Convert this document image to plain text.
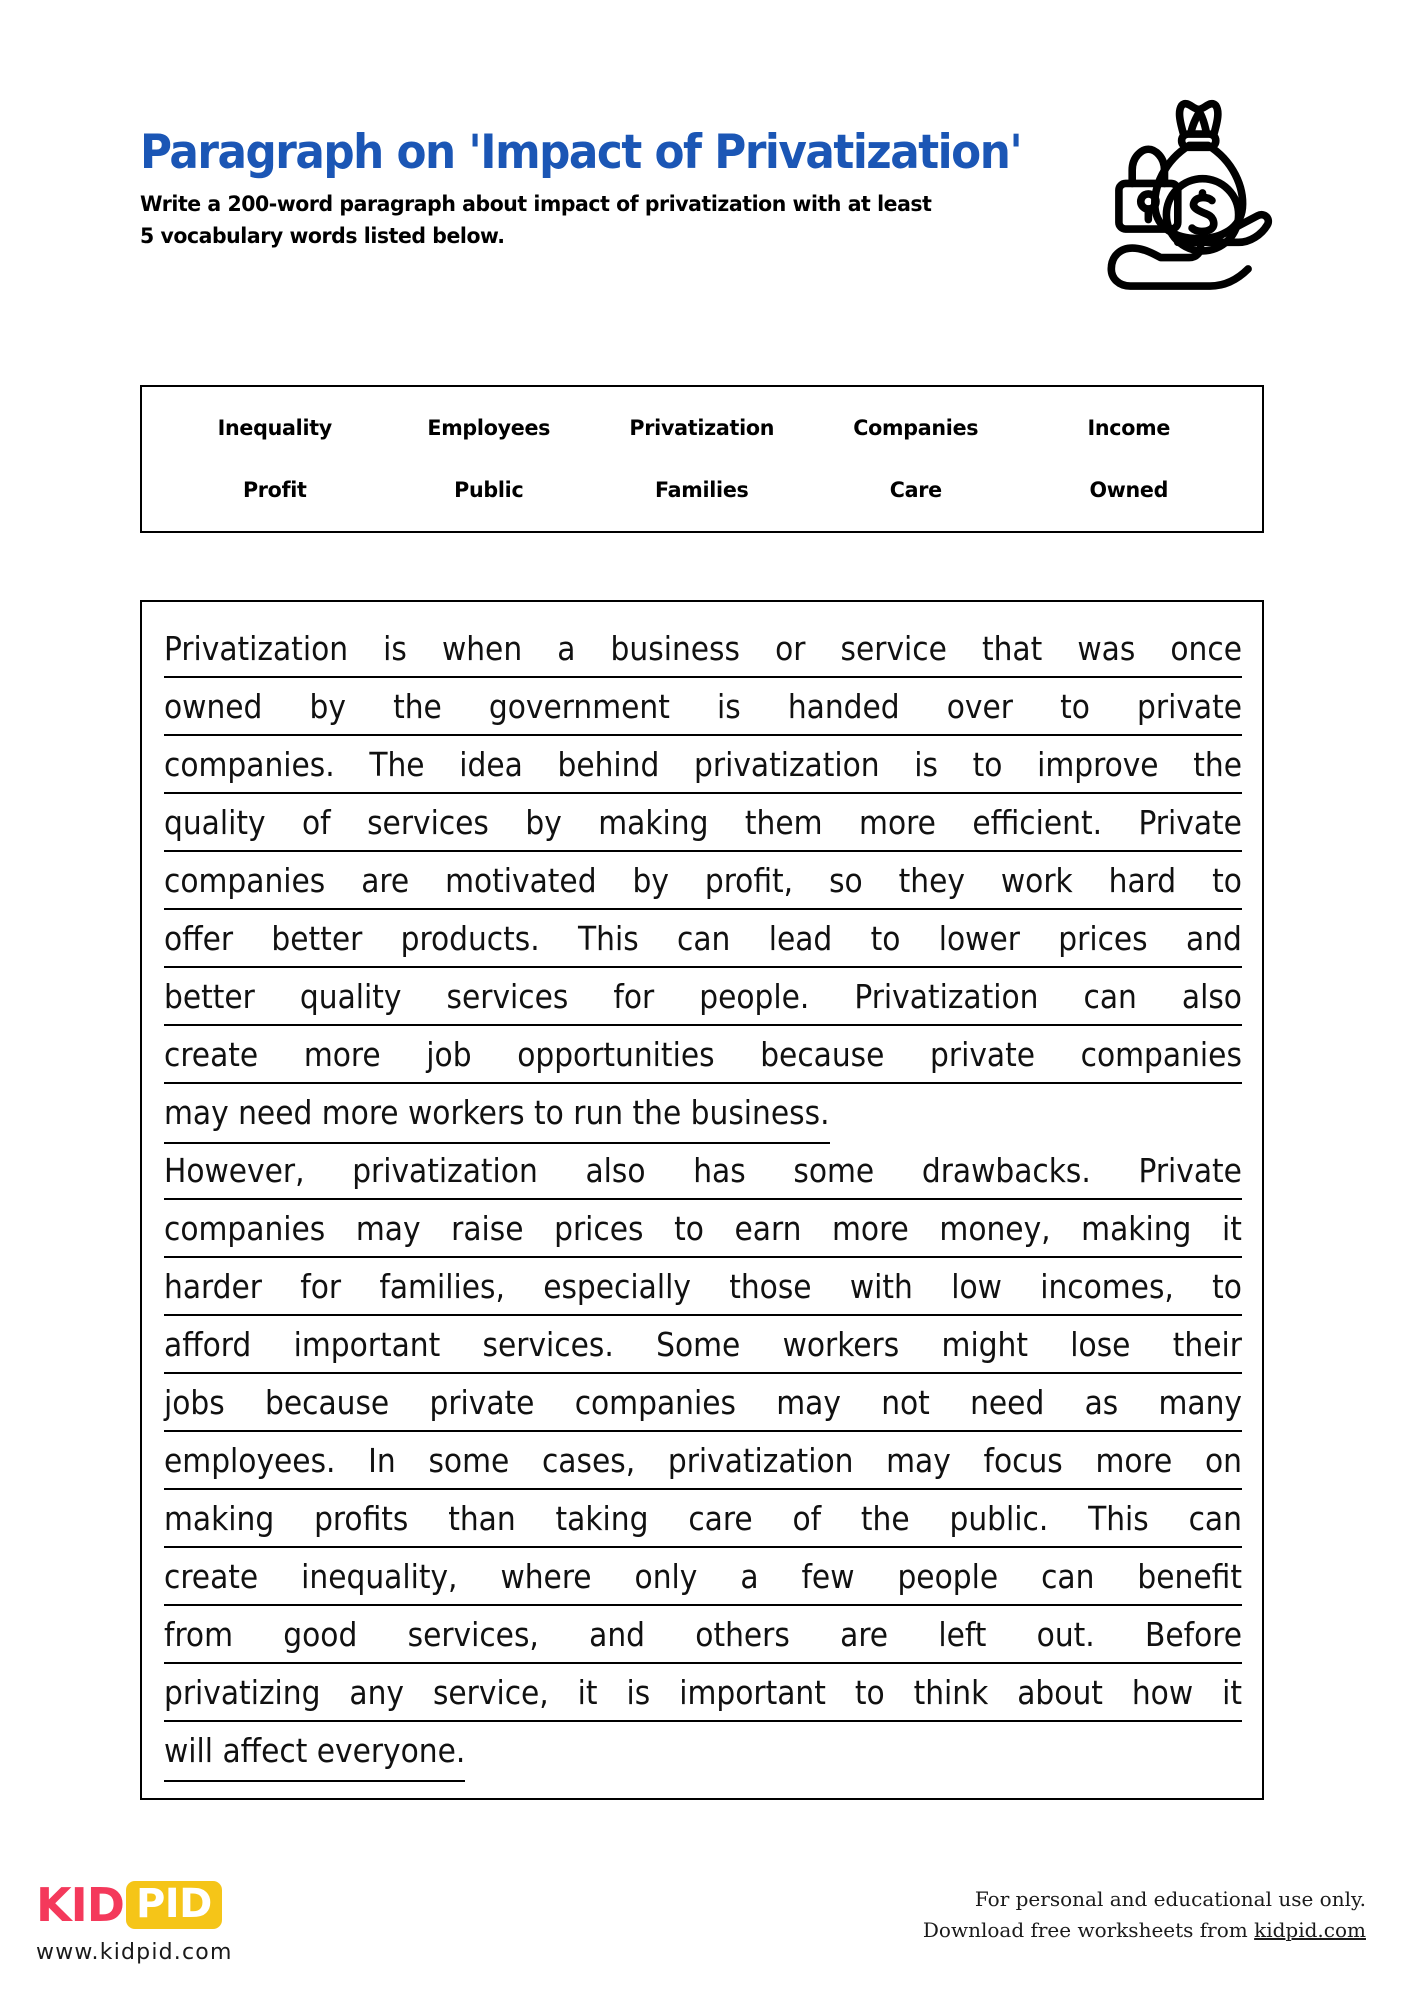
Paragraph on 'Impact of Privatization'

Write a 200-word paragraph about impact of privatization with at least 5 vocabulary words listed below.

Inequality	Employees	Privatization	Companies	Income
Profit	Public	Families	Care	Owned
Privatization is when a business or service that was once
owned by the government is handed over to private
companies. The idea behind privatization is to improve the
quality of services by making them more efficient. Private
companies are motivated by profit, so they work hard to
offer better products. This can lead to lower prices and
better quality services for people. Privatization can also
create more job opportunities because private companies
may need more workers to run the business.
However, privatization also has some drawbacks. Private
companies may raise prices to earn more money, making it
harder for families, especially those with low incomes, to
afford important services. Some workers might lose their
jobs because private companies may not need as many
employees. In some cases, privatization may focus more on
making profits than taking care of the public. This can
create inequality, where only a few people can benefit
from good services, and others are left out. Before
privatizing any service, it is important to think about how it
will affect everyone.
KID PID
www.kidpid.com
For personal and educational use only.
Download free worksheets from kidpid.com
